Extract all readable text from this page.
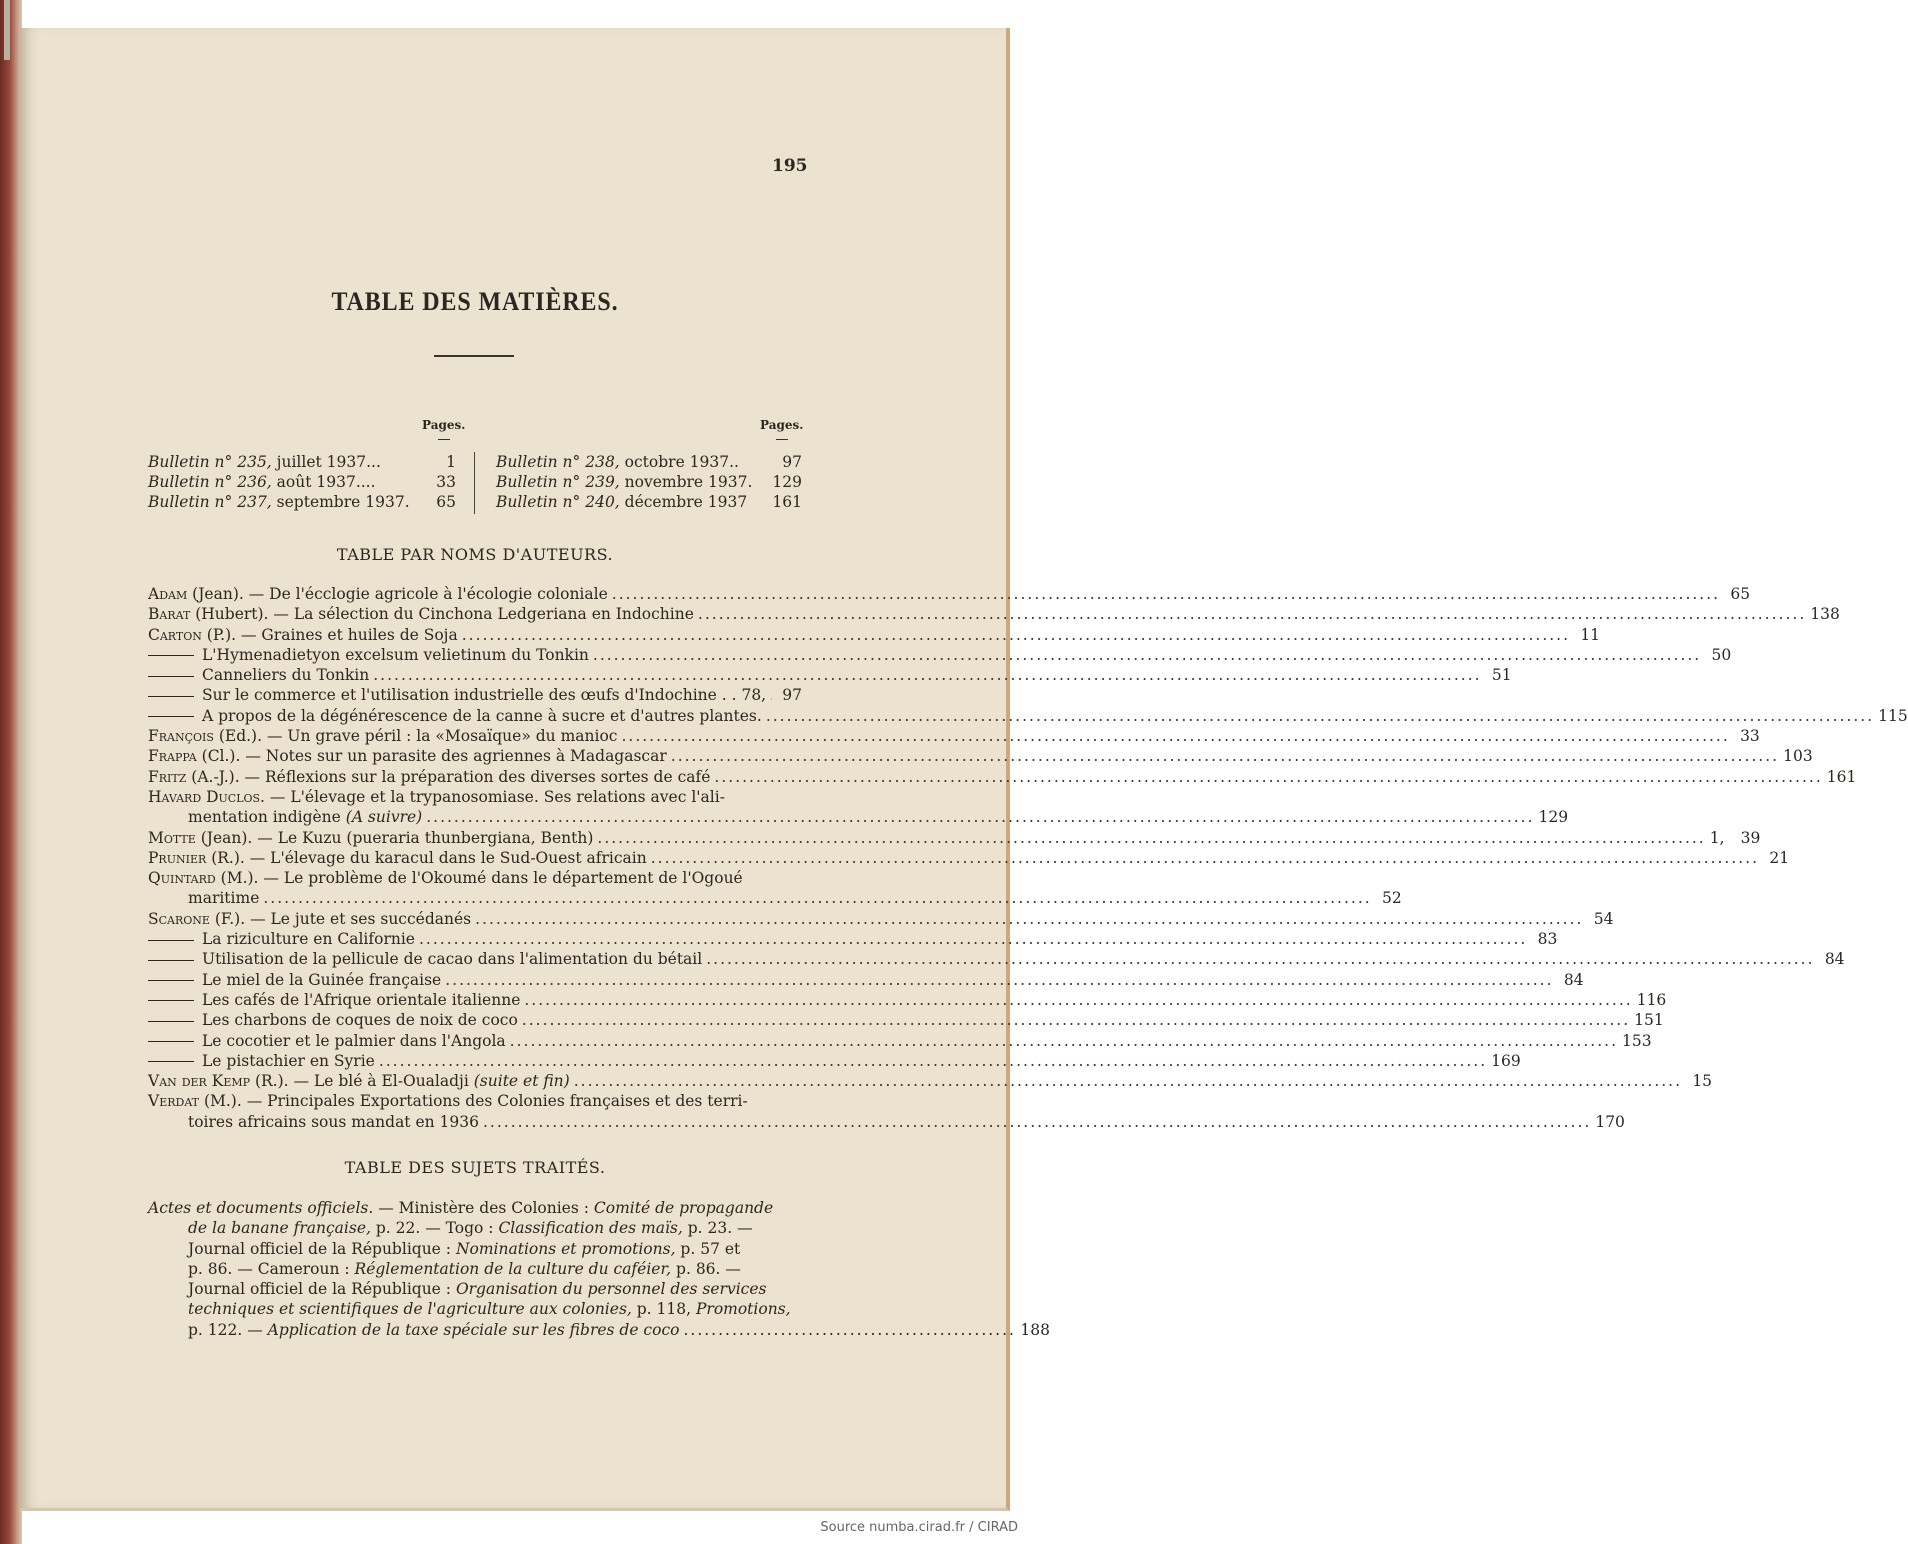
195
TABLE DES MATIÈRES.
Pages.	Pages.
Bulletin n° 235, juillet 1937...	1
Bulletin n° 236, août 1937....	33
Bulletin n° 237, septembre 1937. 65
Bulletin n° 238, octobre 1937..	97
Bulletin n° 239, novembre 1937. 129
Bulletin n° 240, décembre 1937 161
TABLE PAR NOMS D'AUTEURS.
Adam (Jean). — De l'écclogie agricole à l'écologie coloniale .....	65
Barat (Hubert). — La sélection du Cinchona Ledgeriana en Indochine .....	138
Carton (P.). — Graines et huiles de Soja .....	11
L'Hymenadietyon excelsum velietinum du Tonkin .....	50
Canneliers du Tonkin .....	51
Sur le commerce et l'utilisation industrielle des œufs d'Indochine . . 78, .....	97
A propos de la dégénérescence de la canne à sucre et d'autres plantes. .....	115
François (Ed.). — Un grave péril : la «Mosaïque» du manioc .....	33
Frappa (Cl.). — Notes sur un parasite des agriennes à Madagascar .....	103
Fritz (A.-J.). — Réflexions sur la préparation des diverses sortes de café .....	161
Havard Duclos. — L'élevage et la trypanosomiase. Ses relations avec l'ali-
mentation indigène (A suivre) .....	129
Motte (Jean). — Le Kuzu (pueraria thunbergiana, Benth) .....	1, 39
Prunier (R.). — L'élevage du karacul dans le Sud-Ouest africain .....	21
Quintard (M.). — Le problème de l'Okoumé dans le département de l'Ogoué
maritime .....	52
Scarone (F.). — Le jute et ses succédanés .....	54
La riziculture en Californie .....	83
Utilisation de la pellicule de cacao dans l'alimentation du bétail .....	84
Le miel de la Guinée française .....	84
Les cafés de l'Afrique orientale italienne .....	116
Les charbons de coques de noix de coco .....	151
Le cocotier et le palmier dans l'Angola .....	153
Le pistachier en Syrie .....	169
Van der Kemp (R.). — Le blé à El-Oualadji (suite et fin) .....	15
Verdat (M.). — Principales Exportations des Colonies françaises et des terri-
toires africains sous mandat en 1936 .....	170
TABLE DES SUJETS TRAITÉS.
Actes et documents officiels. — Ministère des Colonies : Comité de propagande
de la banane française, p. 22. — Togo : Classification des maïs, p. 23. —
Journal officiel de la République : Nominations et promotions, p. 57 et
p. 86. — Cameroun : Réglementation de la culture du caféier, p. 86. —
Journal officiel de la République : Organisation du personnel des services
techniques et scientifiques de l'agriculture aux colonies, p. 118, Promotions,
p. 122. — Application de la taxe spéciale sur les fibres de coco ................................................ 188
Source numba.cirad.fr / CIRAD
